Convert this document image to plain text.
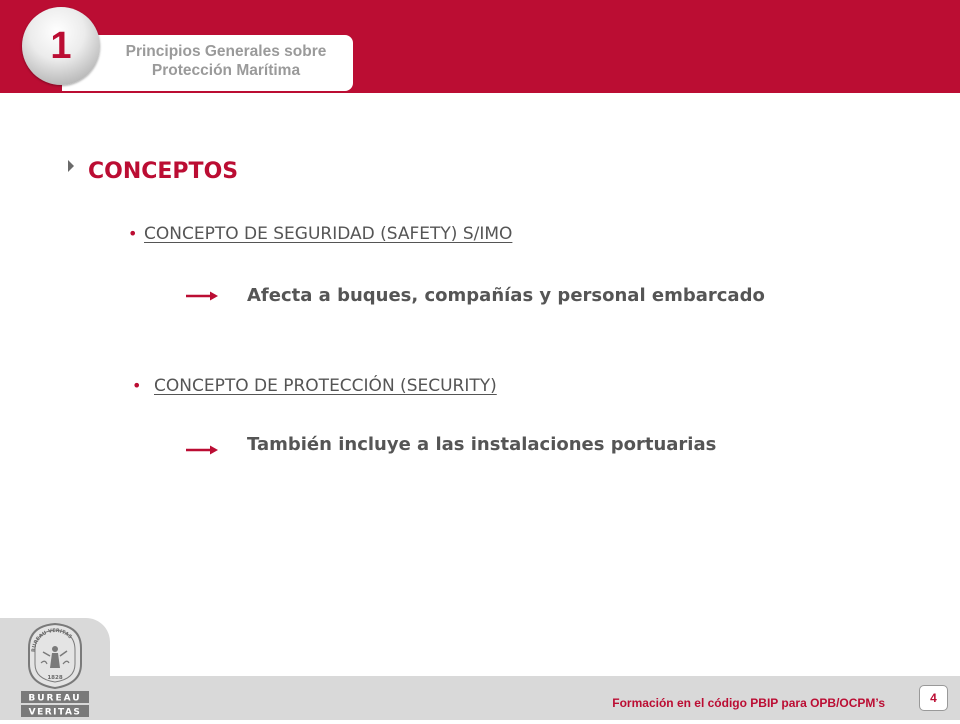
Principios Generales sobre
Protección Marítima
1
CONCEPTOS
• CONCEPTO DE SEGURIDAD (SAFETY) S/IMO
Afecta a buques, compañías y personal embarcado
• CONCEPTO DE PROTECCIÓN (SECURITY)
También incluye a las instalaciones portuarias
BUREAU VERITAS
1828
BUREAU
VERITAS
Formación en el código PBIP para OPB/OCPM’s	4
